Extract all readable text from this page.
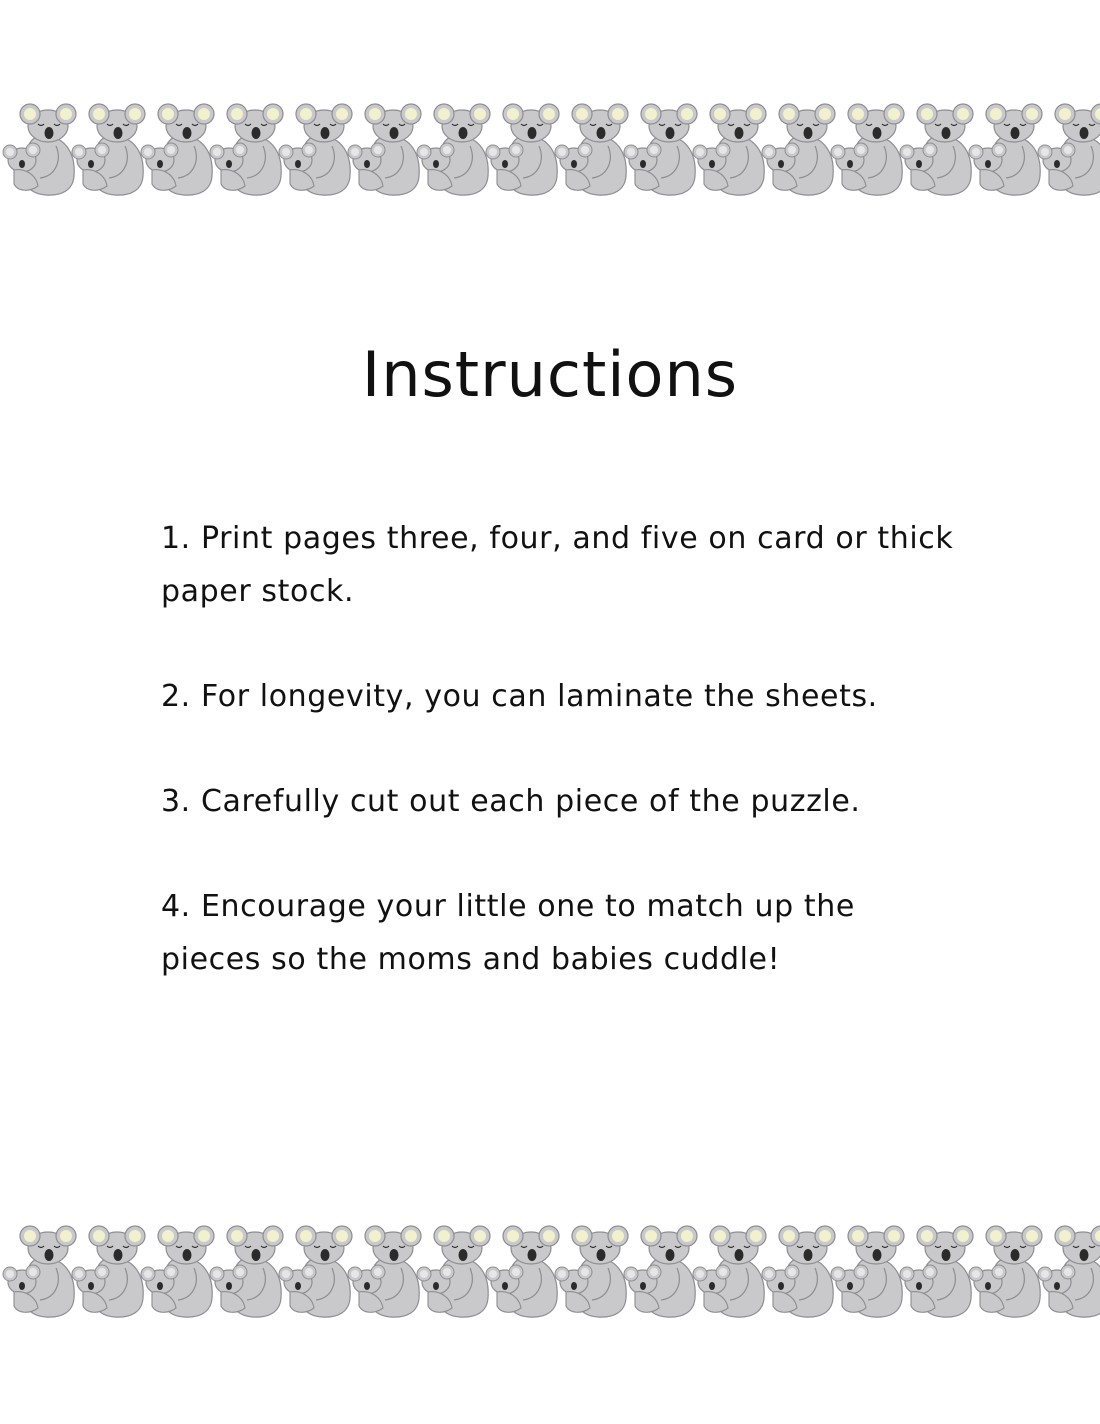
Instructions
1. Print pages three, four, and five on card or thick paper stock.
2. For longevity, you can laminate the sheets.
3. Carefully cut out each piece of the puzzle.
4. Encourage your little one to match up the pieces so the moms and babies cuddle!
